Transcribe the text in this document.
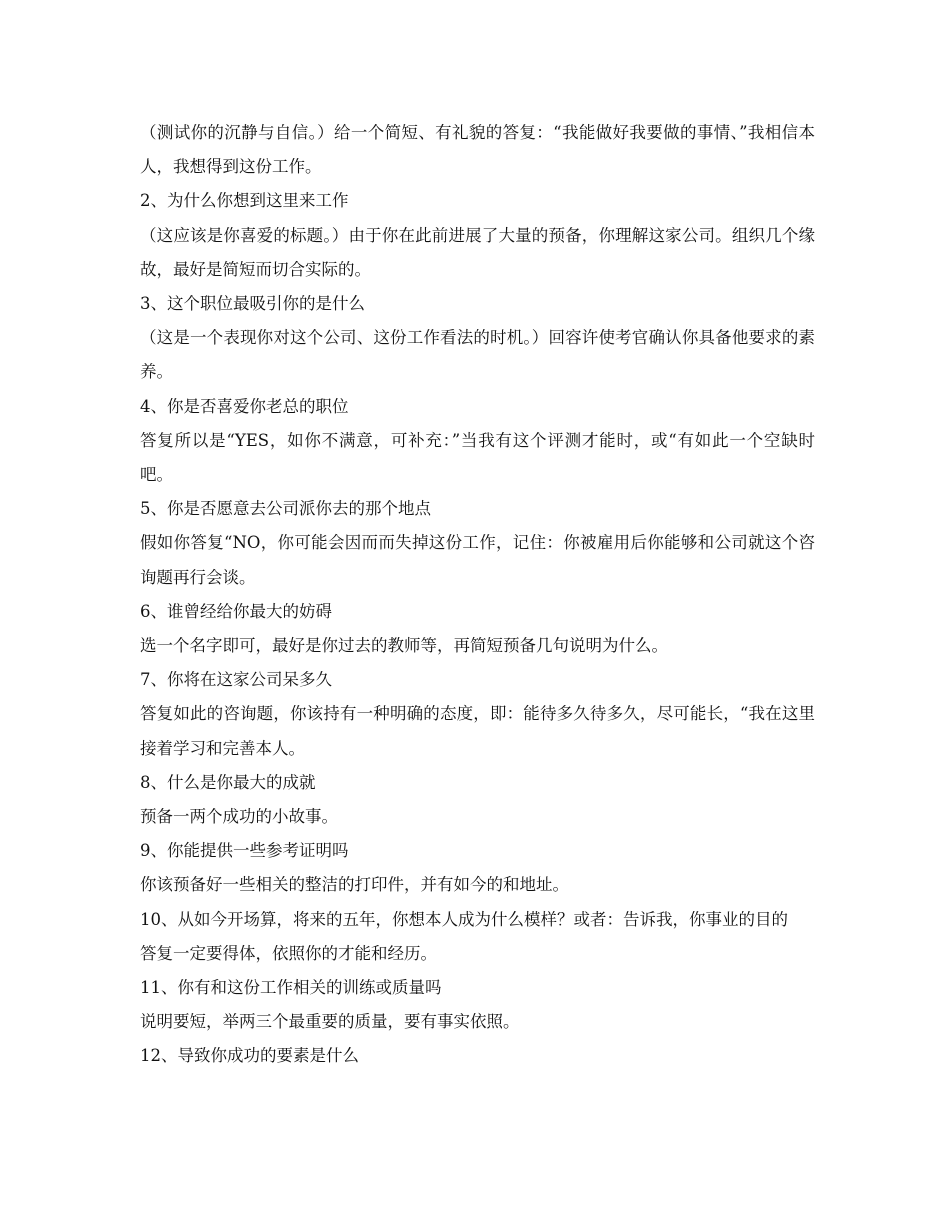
（测试你的沉静与自信。）给一个简短、有礼貌的答复：“我能做好我要做的事情、”我相信本人，我想得到这份工作。

2、为什么你想到这里来工作

（这应该是你喜爱的标题。）由于你在此前进展了大量的预备，你理解这家公司。组织几个缘故，最好是简短而切合实际的。

3、这个职位最吸引你的是什么

（这是一个表现你对这个公司、这份工作看法的时机。）回容许使考官确认你具备他要求的素养。

4、你是否喜爱你老总的职位

答复所以是“YES，如你不满意，可补充：”当我有这个评测才能时，或“有如此一个空缺时吧。

5、你是否愿意去公司派你去的那个地点

假如你答复“NO，你可能会因而而失掉这份工作，记住：你被雇用后你能够和公司就这个咨询题再行会谈。

6、谁曾经给你最大的妨碍

选一个名字即可，最好是你过去的教师等，再简短预备几句说明为什么。

7、你将在这家公司呆多久

答复如此的咨询题，你该持有一种明确的态度，即：能待多久待多久，尽可能长，“我在这里接着学习和完善本人。

8、什么是你最大的成就

预备一两个成功的小故事。

9、你能提供一些参考证明吗

你该预备好一些相关的整洁的打印件，并有如今的和地址。

10、从如今开场算，将来的五年，你想本人成为什么模样？或者：告诉我，你事业的目的

答复一定要得体，依照你的才能和经历。

11、你有和这份工作相关的训练或质量吗

说明要短，举两三个最重要的质量，要有事实依照。

12、导致你成功的要素是什么
